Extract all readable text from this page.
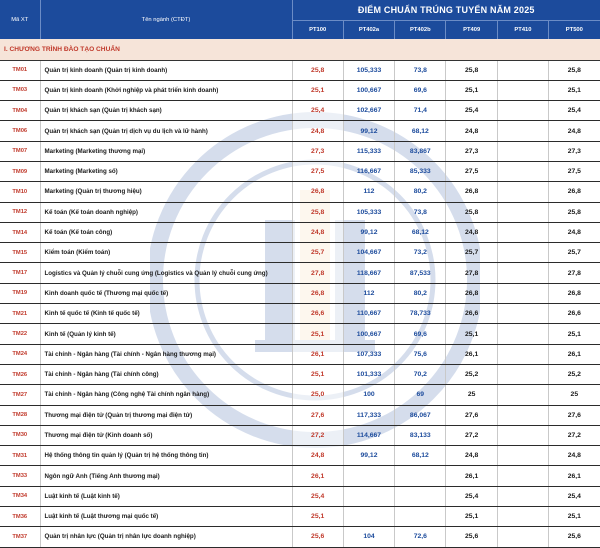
Mã XT	Tên ngành (CTĐT)	ĐIỂM CHUẨN TRÚNG TUYỂN NĂM 2025					
		PT100	PT402a	PT402b	PT409	PT410	PT500
I. CHƯƠNG TRÌNH ĐÀO TẠO CHUẨN							
TM01	Quản trị kinh doanh (Quản trị kinh doanh)	25,8	105,333	73,8	25,8		25,8
TM03	Quản trị kinh doanh (Khởi nghiệp và phát triển kinh doanh)	25,1	100,667	69,6	25,1		25,1
TM04	Quản trị khách sạn (Quản trị khách sạn)	25,4	102,667	71,4	25,4		25,4
TM06	Quản trị khách sạn (Quản trị dịch vụ du lịch và lữ hành)	24,8	99,12	68,12	24,8		24,8
TM07	Marketing (Marketing thương mại)	27,3	115,333	83,867	27,3		27,3
TM09	Marketing (Marketing số)	27,5	116,667	85,333	27,5		27,5
TM10	Marketing (Quản trị thương hiệu)	26,8	112	80,2	26,8		26,8
TM12	Kế toán (Kế toán doanh nghiệp)	25,8	105,333	73,8	25,8		25,8
TM14	Kế toán (Kế toán công)	24,8	99,12	68,12	24,8		24,8
TM15	Kiểm toán (Kiểm toán)	25,7	104,667	73,2	25,7		25,7
TM17	Logistics và Quản lý chuỗi cung ứng (Logistics và Quản lý chuỗi cung ứng)	27,8	118,667	87,533	27,8		27,8
TM19	Kinh doanh quốc tế (Thương mại quốc tế)	26,8	112	80,2	26,8		26,8
TM21	Kinh tế quốc tế (Kinh tế quốc tế)	26,6	110,667	78,733	26,6		26,6
TM22	Kinh tế (Quản lý kinh tế)	25,1	100,667	69,6	25,1		25,1
TM24	Tài chính - Ngân hàng (Tài chính - Ngân hàng thương mại)	26,1	107,333	75,6	26,1		26,1
TM26	Tài chính - Ngân hàng (Tài chính công)	25,1	101,333	70,2	25,2		25,2
TM27	Tài chính - Ngân hàng (Công nghệ Tài chính ngân hàng)	25,0	100	69	25		25
TM28	Thương mại điện tử (Quản trị thương mại điện tử)	27,6	117,333	86,067	27,6		27,6
TM30	Thương mại điện tử (Kinh doanh số)	27,2	114,667	83,133	27,2		27,2
TM31	Hệ thống thông tin quản lý (Quản trị hệ thống thông tin)	24,8	99,12	68,12	24,8		24,8
TM33	Ngôn ngữ Anh (Tiếng Anh thương mại)	26,1			26,1		26,1
TM34	Luật kinh tế (Luật kinh tế)	25,4			25,4		25,4
TM36	Luật kinh tế (Luật thương mại quốc tế)	25,1			25,1		25,1
TM37	Quản trị nhân lực (Quản trị nhân lực doanh nghiệp)	25,6	104	72,6	25,6		25,6
